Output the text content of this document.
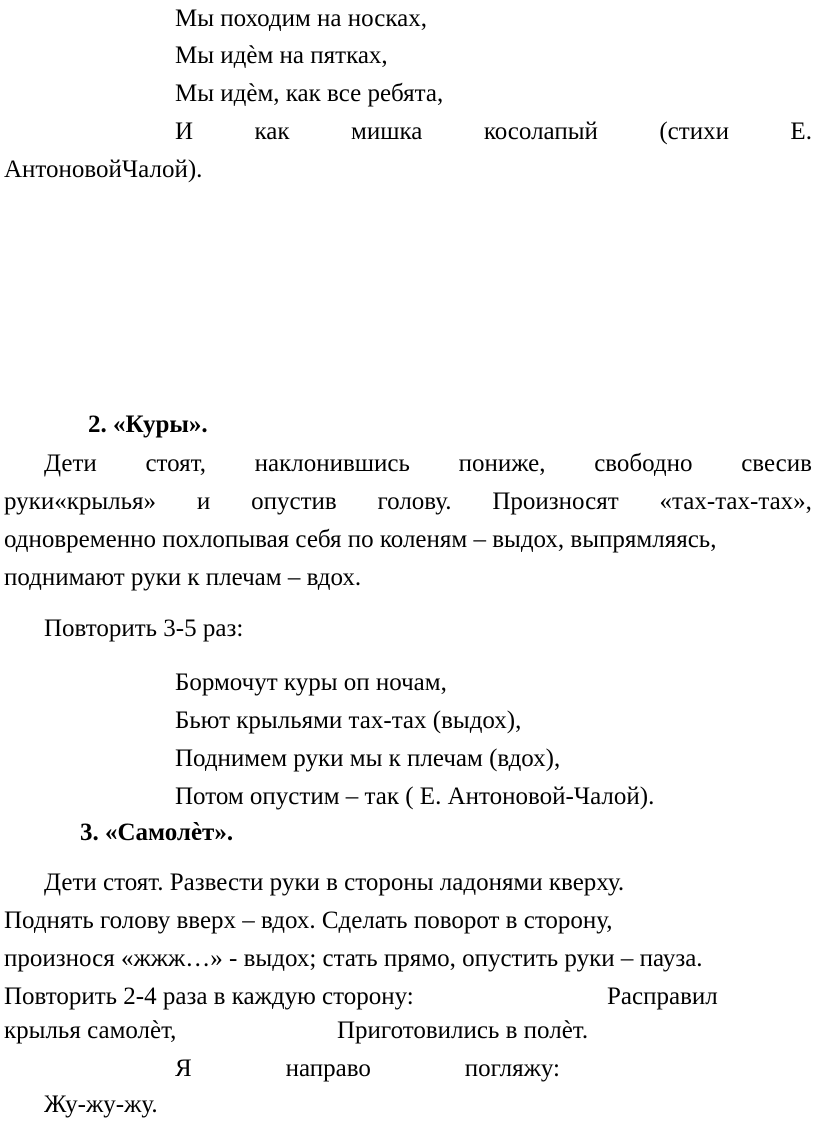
Мы походим на носках,
Мы идѐм на пятках,
Мы идѐм, как все ребята,
И как мишка косолапый (стихи Е.
АнтоновойЧалой).
2. «Куры».
Дети стоят, наклонившись пониже, свободно свесив
руки«крылья» и опустив голову. Произносят «тах-тах-тах»,
одновременно похлопывая себя по коленям – выдох, выпрямляясь,
поднимают руки к плечам – вдох.
Повторить 3-5 раз:
Бормочут куры оп ночам,
Бьют крыльями тах-тах (выдох),
Поднимем руки мы к плечам (вдох),
Потом опустим – так ( Е. Антоновой-Чалой).
3. «Самолѐт».
Дети стоят. Развести руки в стороны ладонями кверху.
Поднять голову вверх – вдох. Сделать поворот в сторону,
произнося «жжж…» - выдох; стать прямо, опустить руки – пауза.
Повторить 2-4 раза в каждую сторону:	Расправил
крылья самолѐт,	Приготовились в полѐт.
Я	направо	погляжу:
Жу-жу-жу.
